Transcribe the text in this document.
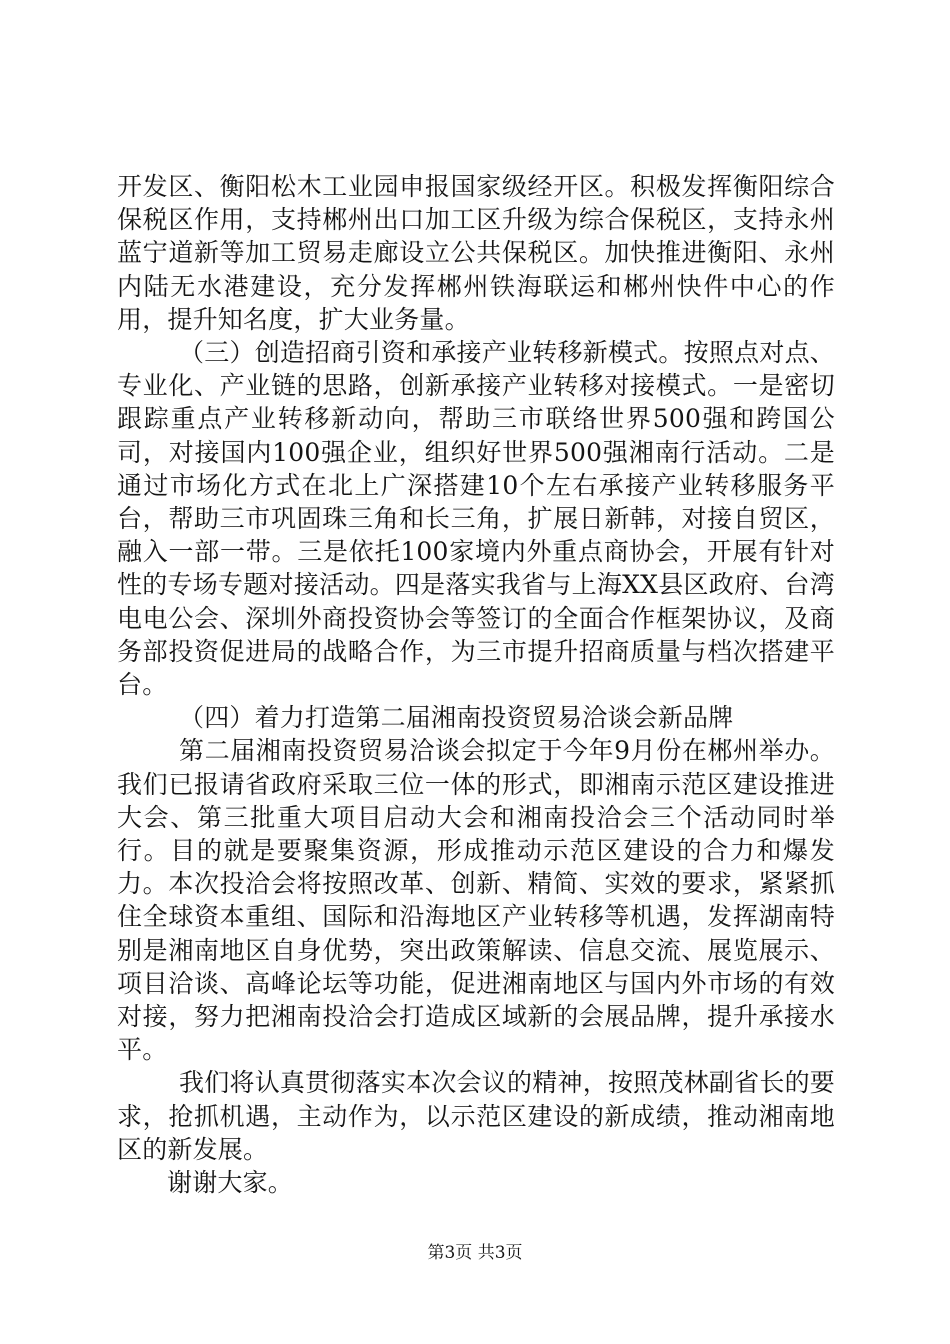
开发区、衡阳松木工业园申报国家级经开区。积极发挥衡阳综合保税区作用，支持郴州出口加工区升级为综合保税区，支持永州蓝宁道新等加工贸易走廊设立公共保税区。加快推进衡阳、永州内陆无水港建设，充分发挥郴州铁海联运和郴州快件中心的作用，提升知名度，扩大业务量。

（三）创造招商引资和承接产业转移新模式。按照点对点、专业化、产业链的思路，创新承接产业转移对接模式。一是密切跟踪重点产业转移新动向，帮助三市联络世界500强和跨国公司，对接国内100强企业，组织好世界500强湘南行活动。二是通过市场化方式在北上广深搭建10个左右承接产业转移服务平台，帮助三市巩固珠三角和长三角，扩展日新韩，对接自贸区，融入一部一带。三是依托100家境内外重点商协会，开展有针对性的专场专题对接活动。四是落实我省与上海XX县区政府、台湾电电公会、深圳外商投资协会等签订的全面合作框架协议，及商务部投资促进局的战略合作，为三市提升招商质量与档次搭建平台。

（四）着力打造第二届湘南投资贸易洽谈会新品牌

第二届湘南投资贸易洽谈会拟定于今年9月份在郴州举办。我们已报请省政府采取三位一体的形式，即湘南示范区建设推进大会、第三批重大项目启动大会和湘南投洽会三个活动同时举行。目的就是要聚集资源，形成推动示范区建设的合力和爆发力。本次投洽会将按照改革、创新、精简、实效的要求，紧紧抓住全球资本重组、国际和沿海地区产业转移等机遇，发挥湖南特别是湘南地区自身优势，突出政策解读、信息交流、展览展示、项目洽谈、高峰论坛等功能，促进湘南地区与国内外市场的有效对接，努力把湘南投洽会打造成区域新的会展品牌，提升承接水平。

我们将认真贯彻落实本次会议的精神，按照茂林副省长的要求，抢抓机遇，主动作为，以示范区建设的新成绩，推动湘南地区的新发展。

谢谢大家。

第3页 共3页
